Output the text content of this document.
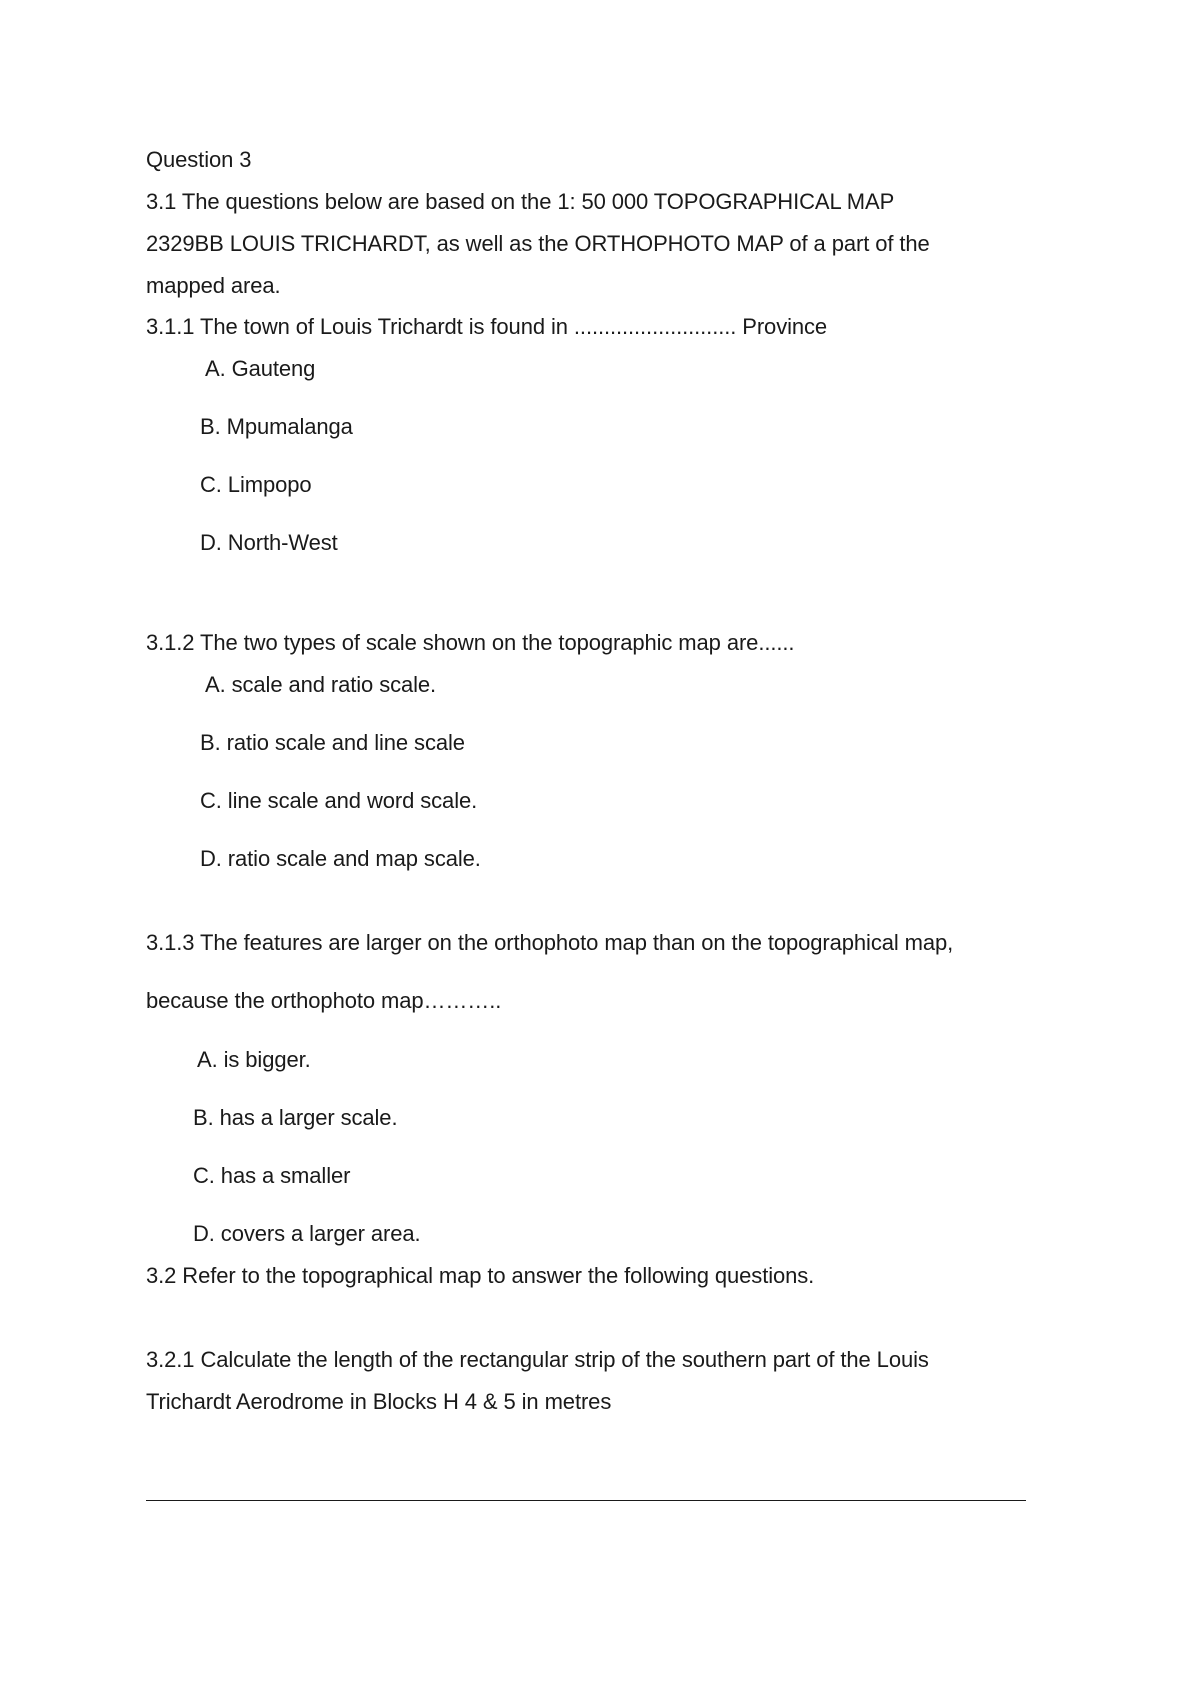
Question 3
3.1 The questions below are based on the 1: 50 000 TOPOGRAPHICAL MAP
2329BB LOUIS TRICHARDT, as well as the ORTHOPHOTO MAP of a part of the
mapped area.
3.1.1 The town of Louis Trichardt is found in ........................... Province
A. Gauteng
B. Mpumalanga
C. Limpopo
D. North-West
3.1.2 The two types of scale shown on the topographic map are......
A. scale and ratio scale.
B. ratio scale and line scale
C. line scale and word scale.
D. ratio scale and map scale.
3.1.3 The features are larger on the orthophoto map than on the topographical map,
because the orthophoto map………..
A. is bigger.
B. has a larger scale.
C. has a smaller
D. covers a larger area.
3.2 Refer to the topographical map to answer the following questions.
3.2.1 Calculate the length of the rectangular strip of the southern part of the Louis
Trichardt Aerodrome in Blocks H 4 & 5 in metres
